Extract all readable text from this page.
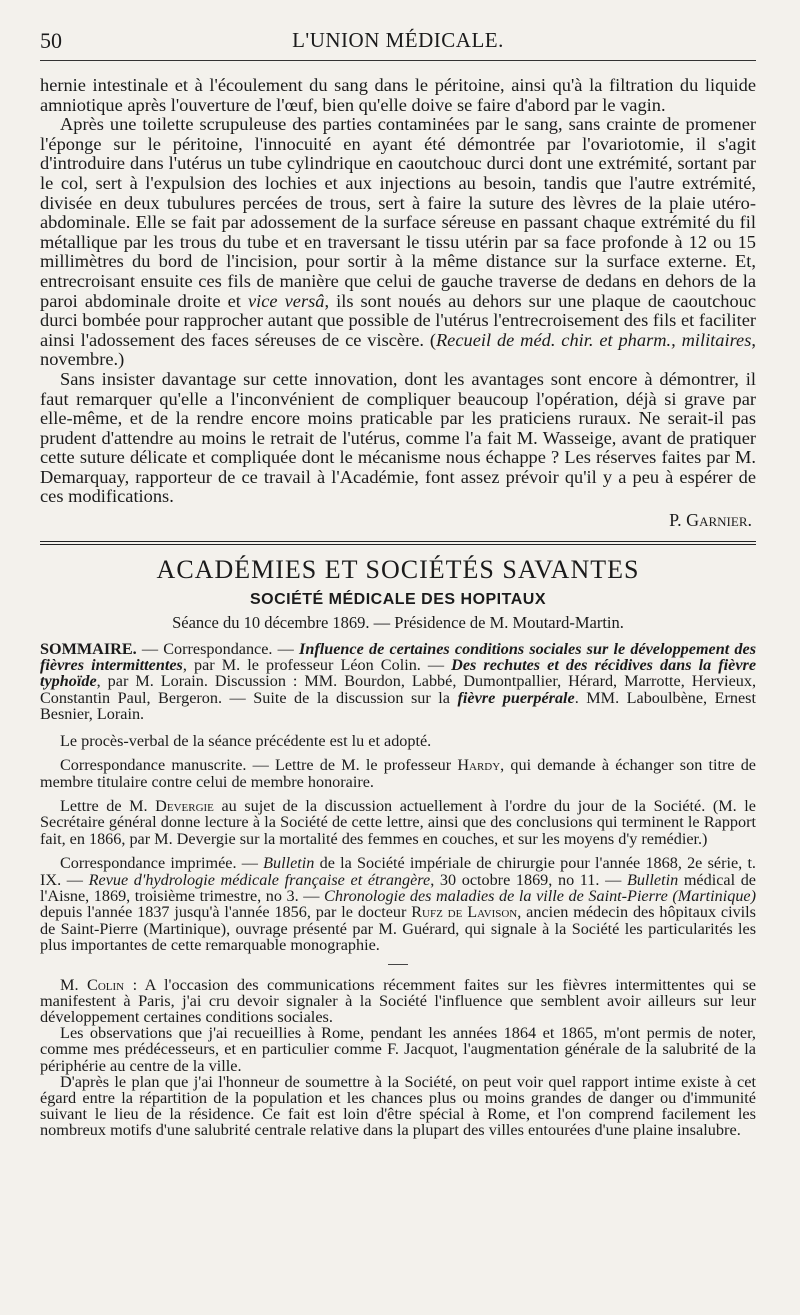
50	L'UNION MÉDICALE.

hernie intestinale et à l'écoulement du sang dans le péritoine, ainsi qu'à la filtration du liquide amniotique après l'ouverture de l'œuf, bien qu'elle doive se faire d'abord par le vagin.

Après une toilette scrupuleuse des parties contaminées par le sang, sans crainte de promener l'éponge sur le péritoine, l'innocuité en ayant été démontrée par l'ovariotomie, il s'agit d'introduire dans l'utérus un tube cylindrique en caoutchouc durci dont une extrémité, sortant par le col, sert à l'expulsion des lochies et aux injections au besoin, tandis que l'autre extrémité, divisée en deux tubulures percées de trous, sert à faire la suture des lèvres de la plaie utéro-abdominale. Elle se fait par adossement de la surface séreuse en passant chaque extrémité du fil métallique par les trous du tube et en traversant le tissu utérin par sa face profonde à 12 ou 15 millimètres du bord de l'incision, pour sortir à la même distance sur la surface externe. Et, entrecroisant ensuite ces fils de manière que celui de gauche traverse de dedans en dehors de la paroi abdominale droite et vice versâ, ils sont noués au dehors sur une plaque de caoutchouc durci bombée pour rapprocher autant que possible de l'utérus l'entrecroisement des fils et faciliter ainsi l'adossement des faces séreuses de ce viscère. (Recueil de méd. chir. et pharm., militaires, novembre.)

Sans insister davantage sur cette innovation, dont les avantages sont encore à démontrer, il faut remarquer qu'elle a l'inconvénient de compliquer beaucoup l'opération, déjà si grave par elle-même, et de la rendre encore moins praticable par les praticiens ruraux. Ne serait-il pas prudent d'attendre au moins le retrait de l'utérus, comme l'a fait M. Wasseige, avant de pratiquer cette suture délicate et compliquée dont le mécanisme nous échappe ? Les réserves faites par M. Demarquay, rapporteur de ce travail à l'Académie, font assez prévoir qu'il y a peu à espérer de ces modifications.

P. Garnier.
ACADÉMIES ET SOCIÉTÉS SAVANTES
SOCIÉTÉ MÉDICALE DES HOPITAUX
Séance du 10 décembre 1869. — Présidence de M. Moutard-Martin.
SOMMAIRE. — Correspondance. — Influence de certaines conditions sociales sur le développement des fièvres intermittentes, par M. le professeur Léon Colin. — Des rechutes et des récidives dans la fièvre typhoïde, par M. Lorain. Discussion : MM. Bourdon, Labbé, Dumontpallier, Hérard, Marrotte, Hervieux, Constantin Paul, Bergeron. — Suite de la discussion sur la fièvre puerpérale. MM. Laboulbène, Ernest Besnier, Lorain.

Le procès-verbal de la séance précédente est lu et adopté.

Correspondance manuscrite. — Lettre de M. le professeur Hardy, qui demande à échanger son titre de membre titulaire contre celui de membre honoraire.

Lettre de M. Devergie au sujet de la discussion actuellement à l'ordre du jour de la Société. (M. le Secrétaire général donne lecture à la Société de cette lettre, ainsi que des conclusions qui terminent le Rapport fait, en 1866, par M. Devergie sur la mortalité des femmes en couches, et sur les moyens d'y remédier.)

Correspondance imprimée. — Bulletin de la Société impériale de chirurgie pour l'année 1868, 2e série, t. IX. — Revue d'hydrologie médicale française et étrangère, 30 octobre 1869, no 11. — Bulletin médical de l'Aisne, 1869, troisième trimestre, no 3. — Chronologie des maladies de la ville de Saint-Pierre (Martinique) depuis l'année 1837 jusqu'à l'année 1856, par le docteur Rufz de Lavison, ancien médecin des hôpitaux civils de Saint-Pierre (Martinique), ouvrage présenté par M. Guérard, qui signale à la Société les particularités les plus importantes de cette remarquable monographie.

M. Colin : A l'occasion des communications récemment faites sur les fièvres intermittentes qui se manifestent à Paris, j'ai cru devoir signaler à la Société l'influence que semblent avoir ailleurs sur leur développement certaines conditions sociales.

Les observations que j'ai recueillies à Rome, pendant les années 1864 et 1865, m'ont permis de noter, comme mes prédécesseurs, et en particulier comme F. Jacquot, l'augmentation générale de la salubrité de la périphérie au centre de la ville.

D'après le plan que j'ai l'honneur de soumettre à la Société, on peut voir quel rapport intime existe à cet égard entre la répartition de la population et les chances plus ou moins grandes de danger ou d'immunité suivant le lieu de la résidence. Ce fait est loin d'être spécial à Rome, et l'on comprend facilement les nombreux motifs d'une salubrité centrale relative dans la plupart des villes entourées d'une plaine insalubre.
